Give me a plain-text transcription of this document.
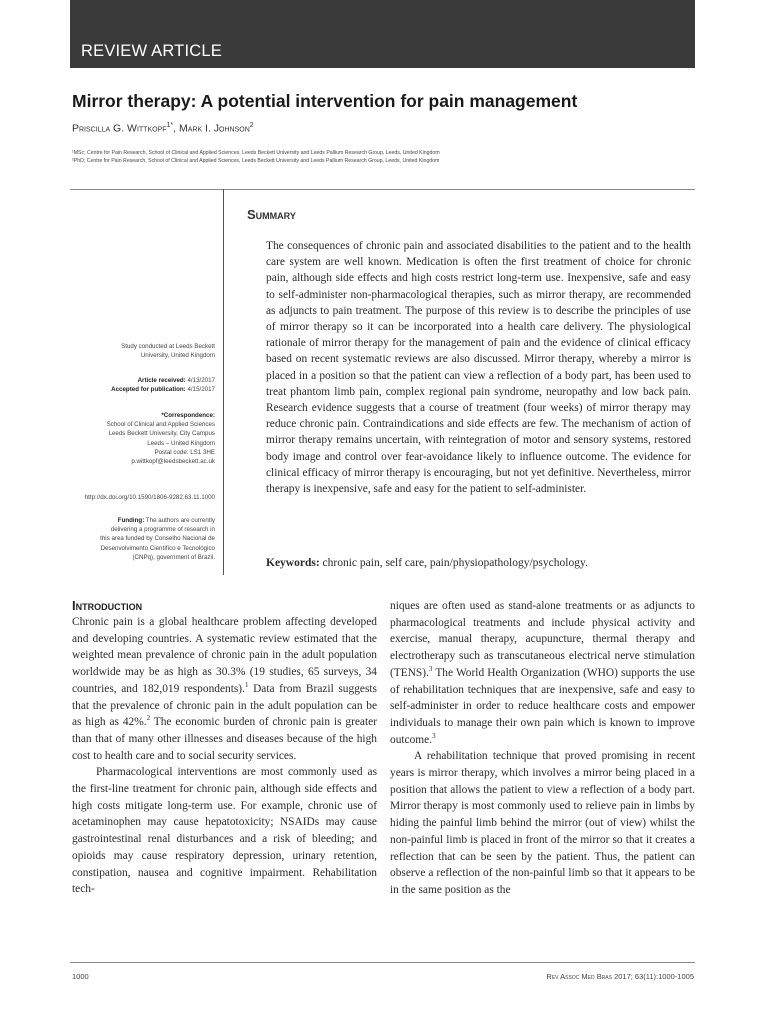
REVIEW ARTICLE
Mirror therapy: A potential intervention for pain management
Priscilla G. Wittkopf$^{1*}$, Mark I. Johnson$^2$
¹MSc; Centre for Pain Research, School of Clinical and Applied Sciences, Leeds Beckett University and Leeds Pallium Research Group, Leeds, United Kingdom
²PhD; Centre for Pain Research, School of Clinical and Applied Sciences, Leeds Beckett University and Leeds Pallium Research Group, Leeds, United Kingdom
Study conducted at Leeds Beckett
University, United Kingdom
Article received: 4/13/2017
Accepted for publication: 4/15/2017
*Correspondence:
School of Clinical and Applied Sciences
Leeds Beckett University, City Campus
Leeds – United Kingdom
Postal code: LS1 3HE
p.wittkopf@leedsbeckett.ac.uk
http://dx.doi.org/10.1590/1806-9282.63.11.1000
Funding: The authors are currently
delivering a programme of research in
this area funded by Conselho Nacional de
Desenvolvimento Científico e Tecnológico
(CNPq), government of Brazil.
Summary
The consequences of chronic pain and associated disabilities to the patient and to the health care system are well known. Medication is often the first treatment of choice for chronic pain, although side effects and high costs restrict long-term use. Inexpensive, safe and easy to self-administer non-pharmacological therapies, such as mirror therapy, are recommended as adjuncts to pain treatment. The purpose of this review is to describe the principles of use of mirror therapy so it can be incorporated into a health care delivery. The physiological rationale of mirror therapy for the management of pain and the evidence of clinical efficacy based on recent systematic reviews are also discussed. Mirror therapy, whereby a mirror is placed in a position so that the patient can view a reflection of a body part, has been used to treat phantom limb pain, complex regional pain syndrome, neuropathy and low back pain. Research evidence suggests that a course of treatment (four weeks) of mirror therapy may reduce chronic pain. Contraindications and side effects are few. The mechanism of action of mirror therapy remains uncertain, with reintegration of motor and sensory systems, restored body image and control over fear-avoidance likely to influence outcome. The evidence for clinical efficacy of mirror therapy is encouraging, but not yet definitive. Nevertheless, mirror therapy is inexpensive, safe and easy for the patient to self-administer.
Keywords: chronic pain, self care, pain/physiopathology/psychology.
Introduction

Chronic pain is a global healthcare problem affecting developed and developing countries. A systematic review estimated that the weighted mean prevalence of chronic pain in the adult population worldwide may be as high as 30.3% (19 studies, 65 surveys, 34 countries, and 182,019 respondents).$^1$ Data from Brazil suggests that the prevalence of chronic pain in the adult population can be as high as 42%.$^2$ The economic burden of chronic pain is greater than that of many other illnesses and diseases because of the high cost to health care and to social security services.

Pharmacological interventions are most commonly used as the first-line treatment for chronic pain, although side effects and high costs mitigate long-term use. For example, chronic use of acetaminophen may cause hepatotoxicity; NSAIDs may cause gastrointestinal renal disturbances and a risk of bleeding; and opioids may cause respiratory depression, urinary retention, constipation, nausea and cognitive impairment. Rehabilitation tech-

niques are often used as stand-alone treatments or as adjuncts to pharmacological treatments and include physical activity and exercise, manual therapy, acupuncture, thermal therapy and electrotherapy such as transcutaneous electrical nerve stimulation (TENS).$^3$ The World Health Organization (WHO) supports the use of rehabilitation techniques that are inexpensive, safe and easy to self-administer in order to reduce healthcare costs and empower individuals to manage their own pain which is known to improve outcome.$^3$

A rehabilitation technique that proved promising in recent years is mirror therapy, which involves a mirror being placed in a position that allows the patient to view a reflection of a body part. Mirror therapy is most commonly used to relieve pain in limbs by hiding the painful limb behind the mirror (out of view) whilst the non-painful limb is placed in front of the mirror so that it creates a reflection that can be seen by the patient. Thus, the patient can observe a reflection of the non-painful limb so that it appears to be in the same position as the

1000	Rev Assoc Med Bras 2017; 63(11):1000-1005
